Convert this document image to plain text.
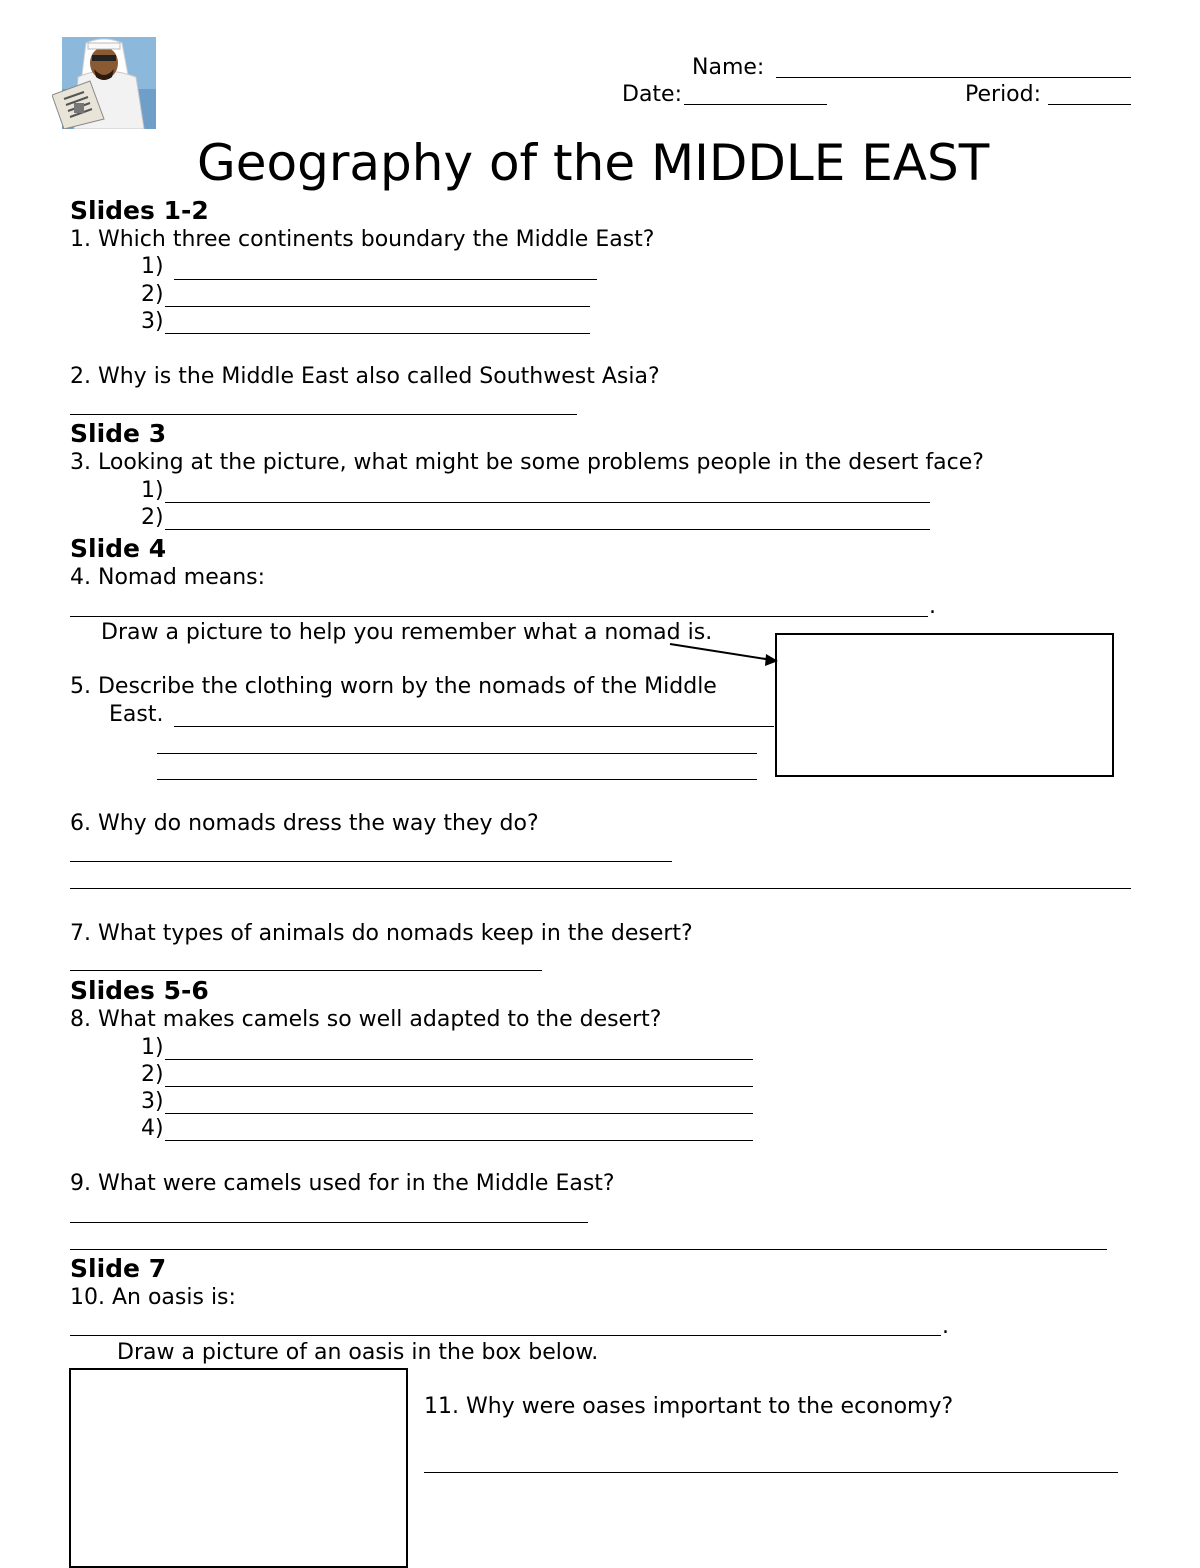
Name:
Date:	Period:
Geography of the MIDDLE EAST
Slides 1-2
1. Which three continents boundary the Middle East?
1)
2)
3)
2. Why is the Middle East also called Southwest Asia?
Slide 3
3. Looking at the picture, what might be some problems people in the desert face?
1)
2)
Slide 4
4. Nomad means:
.
Draw a picture to help you remember what a nomad is.
5. Describe the clothing worn by the nomads of the Middle
East.
6. Why do nomads dress the way they do?
7. What types of animals do nomads keep in the desert?
Slides 5-6
8. What makes camels so well adapted to the desert?
1)
2)
3)
4)
9. What were camels used for in the Middle East?
Slide 7
10. An oasis is:
.
Draw a picture of an oasis in the box below.
11. Why were oases important to the economy?
